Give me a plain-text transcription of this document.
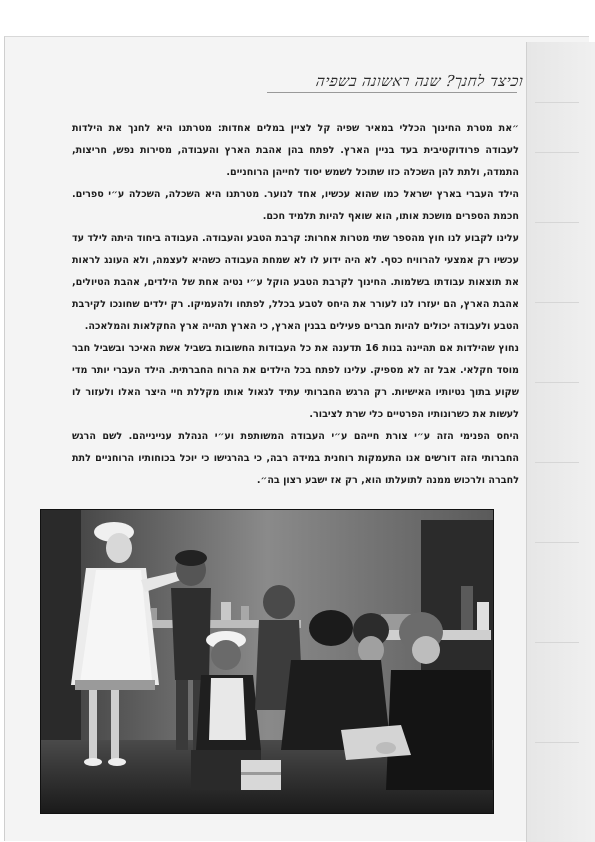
וכיצד לחנך? שנה ראשונה בשפיה

״את מטרת החינוך הכללי במאיר שפיה קל לציין במלים אחדות: מטרתנו היא לחנך את הילדות לעבודה פרודוקטיבית בעד בניין הארץ. לפתח בהן אהבת הארץ והעבודה, מסירות נפש, חריצות, התמדה, ולתת להן השכלה כזו שתוכל לשמש יסוד לחייהן הרוחניים.

הילד העברי בארץ ישראל כמו שהוא עכשיו, אחד לנוער. מטרתנו היא השכלה, השכלה ע״י ספרים. חכמת הספרים מושכת אותו, הוא שואף להיות תלמיד חכם.

עלינו לקבוע לנו חוץ מהספר שתי מטרות אחרות: קרבת הטבע והעבודה. העבודה ביחוד היתה לילד עד עכשיו רק אמצעי להרוויח כסף. לא היה ידוע לו לא שמחת העבודה כשהיא לעצמה, ולא העונג לראות את תוצאות עבודתו בשלמות. החינוך לקרבת הטבע הוקל ע״י נטיה אחת של הילדים, אהבת הטיולים, אהבת הארץ, הם יעזרו לנו לעורר את היחס לטבע בכלל, לפתחו ולהעמיקו. רק ילדים שחונכו לקירבת הטבע ולעבודה יכולים להיות חברים פעילים בבנין הארץ, כי הארץ תהייה ארץ החקלאות והמלאכה.

נחוץ שהילדות אם תהיינה בנות 16 תדענה את כל העבודות החשובות בשביל אשת האיכר ובשביל חבר מוסד חקלאי. אבל זה לא מספיק. עלינו לפתח בכל הילדים את הרוח החברתית. הילד העברי יותר מדי שקוע בתוך נטיותיו האישיות. רק הרגש החברותי עתיד לגאול אותו מקללת חיי היצר האלו ולעזור לו לעשות את כשרונותיו הפרטיים כלי שרת לציבור.

היחס הפנימי הזה ע״י צורת חייהם ע״י העבודה המשותפת וע״י הנהלת עניינייהם. לשם הרגש החברותי הזה דורשים אנו התעמקות רוחנית במידה רבה, כי בהרגישו כי יוכל בכוחותיו הרוחניים לתת לחברה ולרכוש ממנה לתועלתו הוא, רק אז ישבע רצון בה״.
